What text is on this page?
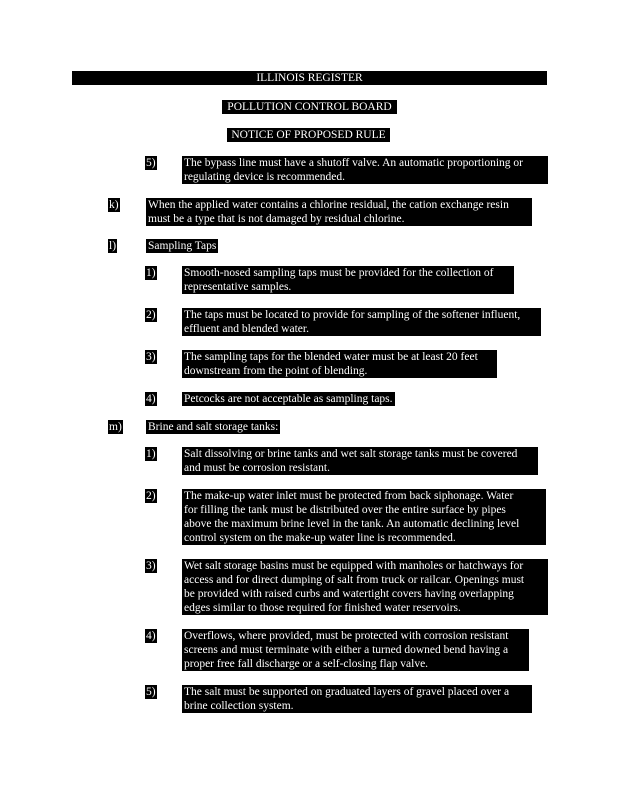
ILLINOIS REGISTER
POLLUTION CONTROL BOARD
NOTICE OF PROPOSED RULE
5) The bypass line must have a shutoff valve. An automatic proportioning or
regulating device is recommended.
k)	When the applied water contains a chlorine residual, the cation exchange resin
must be a type that is not damaged by residual chlorine.
l)	Sampling Taps
1) Smooth-nosed sampling taps must be provided for the collection of
representative samples.
2) The taps must be located to provide for sampling of the softener influent,
effluent and blended water.
3) The sampling taps for the blended water must be at least 20 feet
downstream from the point of blending.
4) Petcocks are not acceptable as sampling taps.
m) Brine and salt storage tanks:
1) Salt dissolving or brine tanks and wet salt storage tanks must be covered
and must be corrosion resistant.
2) The make-up water inlet must be protected from back siphonage. Water
for filling the tank must be distributed over the entire surface by pipes
above the maximum brine level in the tank. An automatic declining level
control system on the make-up water line is recommended.
3) Wet salt storage basins must be equipped with manholes or hatchways for
access and for direct dumping of salt from truck or railcar. Openings must
be provided with raised curbs and watertight covers having overlapping
edges similar to those required for finished water reservoirs.
4) Overflows, where provided, must be protected with corrosion resistant
screens and must terminate with either a turned downed bend having a
proper free fall discharge or a self-closing flap valve.
5) The salt must be supported on graduated layers of gravel placed over a
brine collection system.
